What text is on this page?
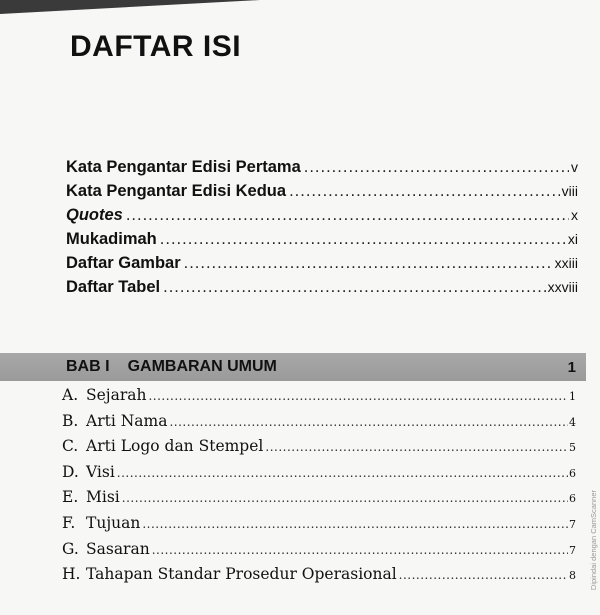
DAFTAR ISI
Kata Pengantar Edisi Pertama .....	v
Kata Pengantar Edisi Kedua .....	viii
Quotes .....	x
Mukadimah .....	xi
Daftar Gambar .....	xxiii
Daftar Tabel .....	xxviii
BAB I GAMBARAN UMUM	1
A. Sejarah .....	1
B. Arti Nama .....	4
C. Arti Logo dan Stempel .....	5
D. Visi .....	6
E. Misi .....	6
F. Tujuan .....	7
G. Sasaran .....	7
H. Tahapan Standar Prosedur Operasional .....	8 Dipindai dengan CamScanner
